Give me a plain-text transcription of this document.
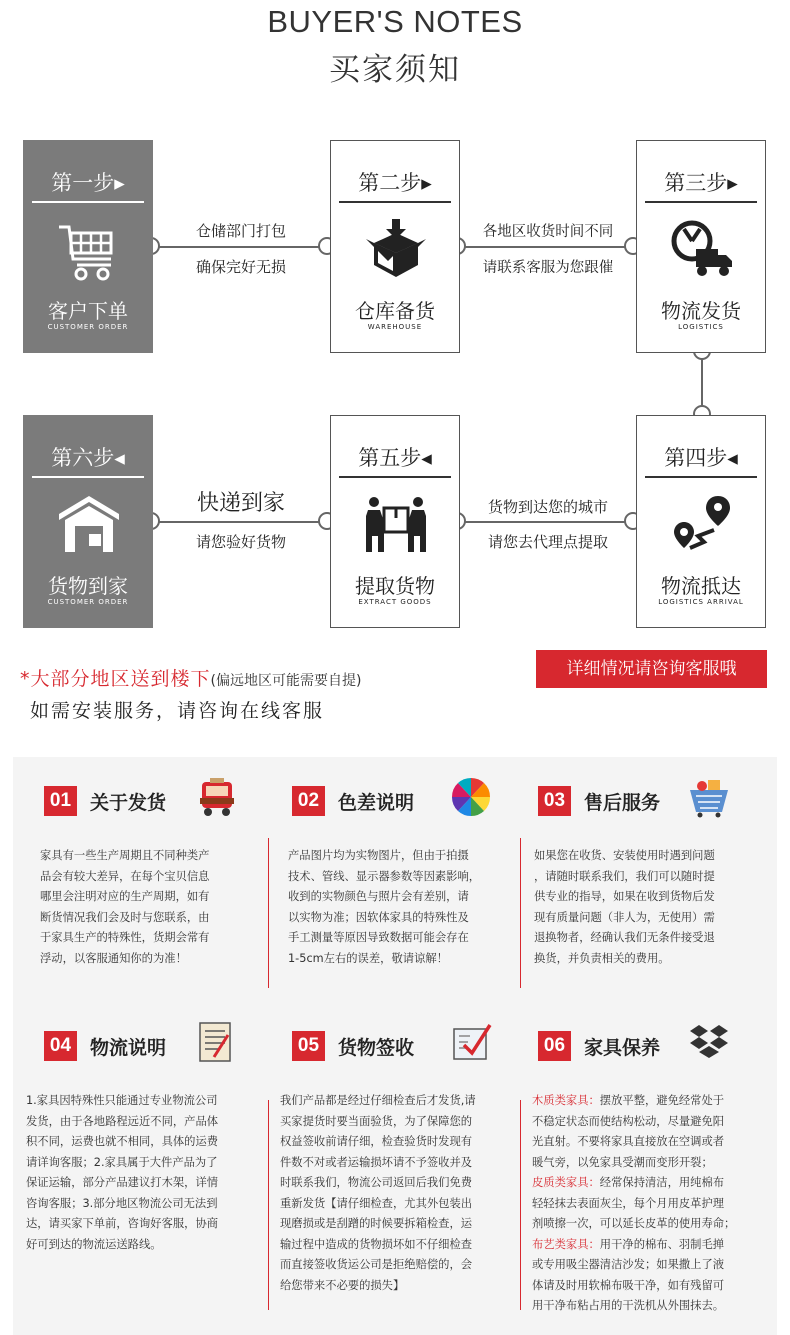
BUYER'S NOTES
买家须知
仓储部门打包
确保完好无损
各地区收货时间不同
请联系客服为您跟催
快递到家
请您验好货物
货物到达您的城市
请您去代理点提取
第一步▸
客户下单
CUSTOMER ORDER
第二步▸
仓库备货
WAREHOUSE
第三步▸
物流发货
LOGISTICS
第四步◂
物流抵达
LOGISTICS ARRIVAL
第五步◂
提取货物
EXTRACT GOODS
第六步◂
货物到家
CUSTOMER ORDER
*大部分地区送到楼下(偏远地区可能需要自提)
如需安装服务，请咨询在线客服
详细情况请咨询客服哦
01 关于发货
家具有一些生产周期且不同种类产
品会有较大差异，在每个宝贝信息
哪里会注明对应的生产周期，如有
断货情况我们会及时与您联系，由
于家具生产的特殊性，货期会常有
浮动，以客服通知你的为准！
02 色差说明
产品图片均为实物图片，但由于拍摄
技术、管线、显示器参数等因素影响，
收到的实物颜色与照片会有差别，请
以实物为准；因软体家具的特殊性及
手工测量等原因导致数据可能会存在
1-5cm左右的误差，敬请谅解！
03 售后服务
如果您在收货、安装使用时遇到问题
，请随时联系我们，我们可以随时提
供专业的指导，如果在收到货物后发
现有质量问题（非人为，无使用）需
退换物者，经确认我们无条件接受退
换货，并负责相关的费用。
04 物流说明
1.家具因特殊性只能通过专业物流公司
发货，由于各地路程远近不同，产品体
积不同，运费也就不相同，具体的运费
请详询客服；2.家具属于大件产品为了
保证运输，部分产品建议打木架，详情
咨询客服；3.部分地区物流公司无法到
达，请买家下单前，咨询好客服，协商
好可到达的物流运送路线。
05 货物签收
我们产品都是经过仔细检查后才发货,请
买家提货时要当面验货，为了保障您的
权益签收前请仔细，检查验货时发现有
件数不对或者运输损坏请不予签收并及
时联系我们，物流公司返回后我们免费
重新发货【请仔细检查，尤其外包装出
现磨损或是刮蹭的时候要拆箱检查，运
输过程中造成的货物损坏如不仔细检查
而直接签收货运公司是拒绝赔偿的，会
给您带来不必要的损失】
06 家具保养
木质类家具：摆放平整，避免经常处于
不稳定状态而使结构松动，尽量避免阳
光直射。不要将家具直接放在空调或者
暖气旁，以免家具受潮而变形开裂；
皮质类家具：经常保持清洁，用纯棉布
轻轻抹去表面灰尘，每个月用皮革护理
剂喷擦一次，可以延长皮革的使用寿命；
布艺类家具：用干净的棉布、羽制毛掸
或专用吸尘器清洁沙发；如果撒上了液
体请及时用软棉布吸干净，如有残留可
用干净布粘占用的干洗机从外围抹去。
